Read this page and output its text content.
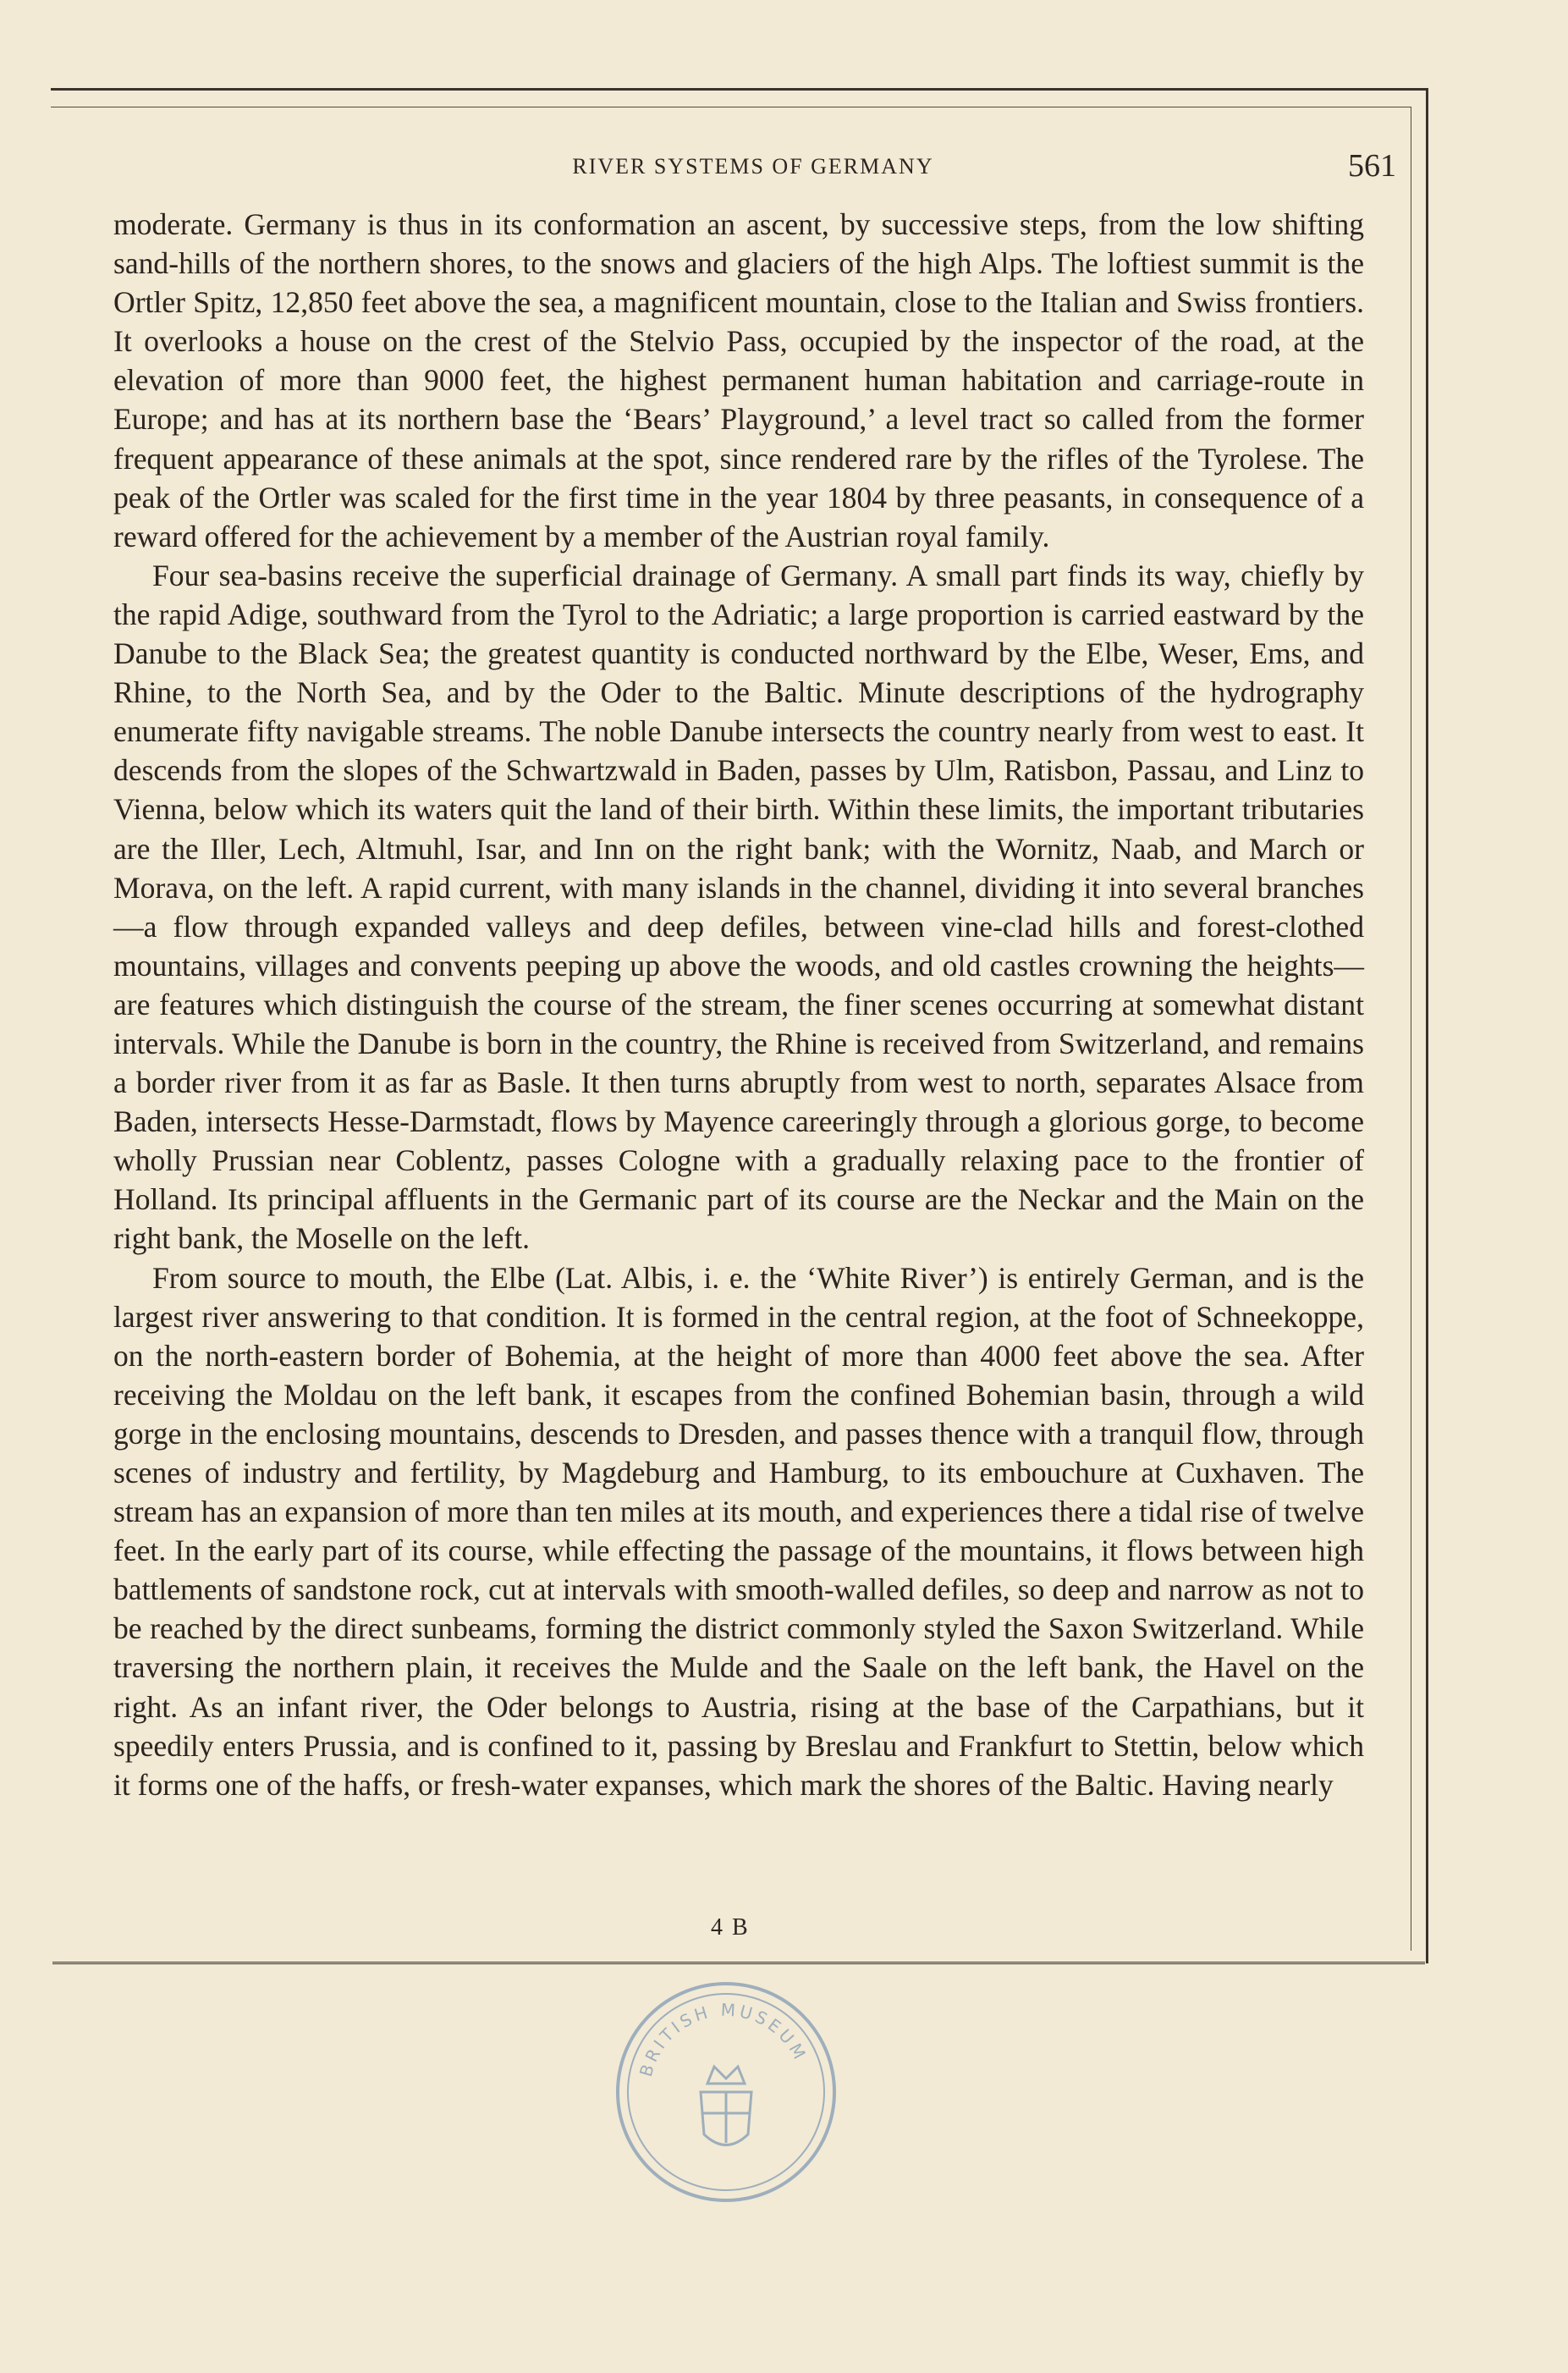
RIVER SYSTEMS OF GERMANY	561

moderate. Germany is thus in its conformation an ascent, by successive steps, from the low shifting sand-hills of the northern shores, to the snows and glaciers of the high Alps. The loftiest summit is the Ortler Spitz, 12,850 feet above the sea, a magnificent mountain, close to the Italian and Swiss frontiers. It overlooks a house on the crest of the Stelvio Pass, occupied by the inspector of the road, at the elevation of more than 9000 feet, the highest permanent human habitation and carriage-route in Europe; and has at its northern base the ‘Bears’ Playground,’ a level tract so called from the former frequent appearance of these animals at the spot, since rendered rare by the rifles of the Tyrolese. The peak of the Ortler was scaled for the first time in the year 1804 by three peasants, in consequence of a reward offered for the achievement by a member of the Austrian royal family.

Four sea-basins receive the superficial drainage of Germany. A small part finds its way, chiefly by the rapid Adige, southward from the Tyrol to the Adriatic; a large proportion is carried eastward by the Danube to the Black Sea; the greatest quantity is conducted northward by the Elbe, Weser, Ems, and Rhine, to the North Sea, and by the Oder to the Baltic. Minute descriptions of the hydrography enumerate fifty navigable streams. The noble Danube intersects the country nearly from west to east. It descends from the slopes of the Schwartzwald in Baden, passes by Ulm, Ratisbon, Passau, and Linz to Vienna, below which its waters quit the land of their birth. Within these limits, the important tributaries are the Iller, Lech, Altmuhl, Isar, and Inn on the right bank; with the Wornitz, Naab, and March or Morava, on the left. A rapid current, with many islands in the channel, dividing it into several branches—a flow through expanded valleys and deep defiles, between vine-clad hills and forest-clothed mountains, villages and convents peeping up above the woods, and old castles crowning the heights—are features which distinguish the course of the stream, the finer scenes occurring at somewhat distant intervals. While the Danube is born in the country, the Rhine is received from Switzerland, and remains a border river from it as far as Basle. It then turns abruptly from west to north, separates Alsace from Baden, intersects Hesse-Darmstadt, flows by Mayence careeringly through a glorious gorge, to become wholly Prussian near Coblentz, passes Cologne with a gradually relaxing pace to the frontier of Holland. Its principal affluents in the Germanic part of its course are the Neckar and the Main on the right bank, the Moselle on the left.

From source to mouth, the Elbe (Lat. Albis, i. e. the ‘White River’) is entirely German, and is the largest river answering to that condition. It is formed in the central region, at the foot of Schneekoppe, on the north-eastern border of Bohemia, at the height of more than 4000 feet above the sea. After receiving the Moldau on the left bank, it escapes from the confined Bohemian basin, through a wild gorge in the enclosing mountains, descends to Dresden, and passes thence with a tranquil flow, through scenes of industry and fertility, by Magdeburg and Hamburg, to its embouchure at Cuxhaven. The stream has an expansion of more than ten miles at its mouth, and experiences there a tidal rise of twelve feet. In the early part of its course, while effecting the passage of the mountains, it flows between high battlements of sandstone rock, cut at intervals with smooth-walled defiles, so deep and narrow as not to be reached by the direct sunbeams, forming the district commonly styled the Saxon Switzerland. While traversing the northern plain, it receives the Mulde and the Saale on the left bank, the Havel on the right. As an infant river, the Oder belongs to Austria, rising at the base of the Carpathians, but it speedily enters Prussia, and is confined to it, passing by Breslau and Frankfurt to Stettin, below which it forms one of the haffs, or fresh-water expanses, which mark the shores of the Baltic. Having nearly

4 B
BRITISH MUSEUM
